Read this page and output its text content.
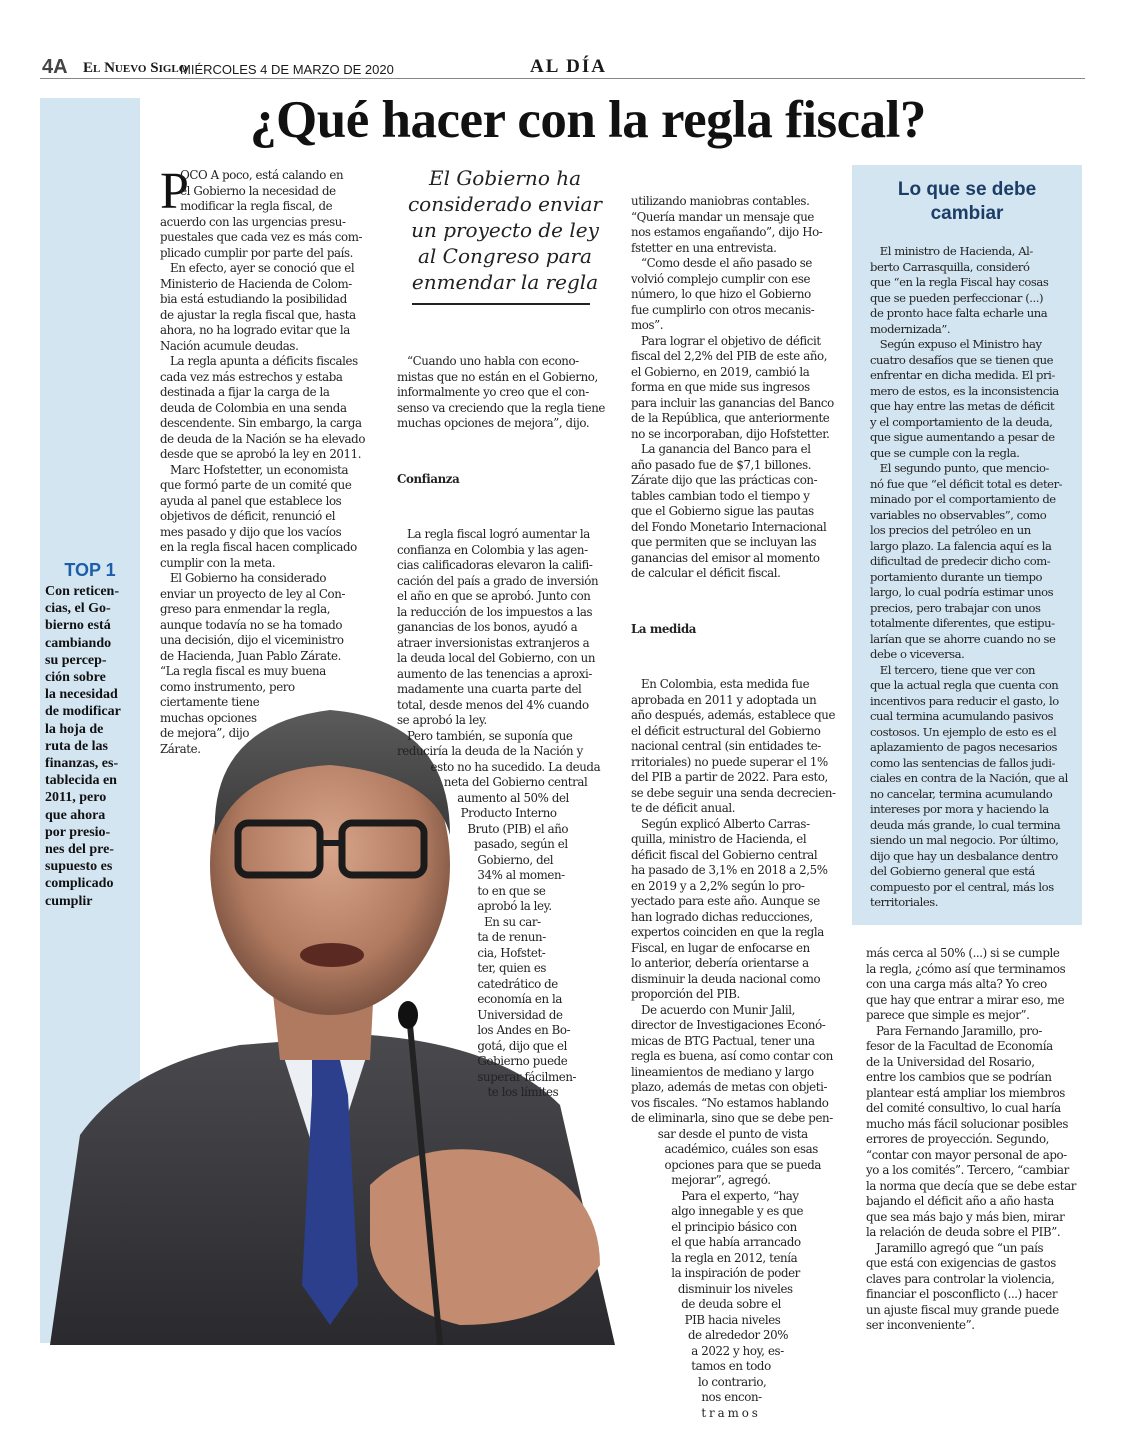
4A El Nuevo Siglo
MIÉRCOLES 4 DE MARZO DE 2020	AL DÍA
TOP 1
Con reticen-
cias, el Go-
bierno está
cambiando
su percep-
ción sobre
la necesidad
de modificar
la hoja de
ruta de las
finanzas, es-
tablecida en
2011, pero
que ahora
por presio-
nes del pre-
supuesto es
complicado
cumplir
¿Qué hacer con la regla fiscal?
P
OCO A poco, está calando en
el Gobierno la necesidad de
modificar la regla fiscal, de
acuerdo con las urgencias presu-
puestales que cada vez es más com-
plicado cumplir por parte del país.
En efecto, ayer se conoció que el
Ministerio de Hacienda de Colom-
bia está estudiando la posibilidad
de ajustar la regla fiscal que, hasta
ahora, no ha logrado evitar que la
Nación acumule deudas.
La regla apunta a déficits fiscales
cada vez más estrechos y estaba
destinada a fijar la carga de la
deuda de Colombia en una senda
descendente. Sin embargo, la carga
de deuda de la Nación se ha elevado
desde que se aprobó la ley en 2011.
Marc Hofstetter, un economista
que formó parte de un comité que
ayuda al panel que establece los
objetivos de déficit, renunció el
mes pasado y dijo que los vacíos
en la regla fiscal hacen complicado
cumplir con la meta.
El Gobierno ha considerado
enviar un proyecto de ley al Con-
greso para enmendar la regla,
aunque todavía no se ha tomado
una decisión, dijo el viceministro
de Hacienda, Juan Pablo Zárate.
“La regla fiscal es muy buena
como instrumento, pero
ciertamente tiene
muchas opciones
de mejora”, dijo
Zárate.
El Gobierno ha
considerado enviar
un proyecto de ley
al Congreso para
enmendar la regla

“Cuando uno habla con econo-
mistas que no están en el Gobierno,
informalmente yo creo que el con-
senso va creciendo que la regla tiene
muchas opciones de mejora”, dijo.

Confianza

La regla fiscal logró aumentar la
confianza en Colombia y las agen-
cias calificadoras elevaron la califi-
cación del país a grado de inversión
el año en que se aprobó. Junto con
la reducción de los impuestos a las
ganancias de los bonos, ayudó a
atraer inversionistas extranjeros a
la deuda local del Gobierno, con un
aumento de las tenencias a aproxi-
madamente una cuarta parte del
total, desde menos del 4% cuando
se aprobó la ley.
Pero también, se suponía que
reduciría la deuda de la Nación y
esto no ha sucedido. La deuda
neta del Gobierno central
aumento al 50% del
Producto Interno
Bruto (PIB) el año
pasado, según el
Gobierno, del
34% al momen-
to en que se
aprobó la ley.
En su car-
ta de renun-
cia, Hofstet-
ter, quien es
catedrático de
economía en la
Universidad de
los Andes en Bo-
gotá, dijo que el
Gobierno puede
superar fácilmen-
te los límites

utilizando maniobras contables.
“Quería mandar un mensaje que
nos estamos engañando”, dijo Ho-
fstetter en una entrevista.
“Como desde el año pasado se
volvió complejo cumplir con ese
número, lo que hizo el Gobierno
fue cumplirlo con otros mecanis-
mos”.
Para lograr el objetivo de déficit
fiscal del 2,2% del PIB de este año,
el Gobierno, en 2019, cambió la
forma en que mide sus ingresos
para incluir las ganancias del Banco
de la República, que anteriormente
no se incorporaban, dijo Hofstetter.
La ganancia del Banco para el
año pasado fue de $7,1 billones.
Zárate dijo que las prácticas con-
tables cambian todo el tiempo y
que el Gobierno sigue las pautas
del Fondo Monetario Internacional
que permiten que se incluyan las
ganancias del emisor al momento
de calcular el déficit fiscal.

La medida

En Colombia, esta medida fue
aprobada en 2011 y adoptada un
año después, además, establece que
el déficit estructural del Gobierno
nacional central (sin entidades te-
rritoriales) no puede superar el 1%
del PIB a partir de 2022. Para esto,
se debe seguir una senda decrecien-
te de déficit anual.
Según explicó Alberto Carras-
quilla, ministro de Hacienda, el
déficit fiscal del Gobierno central
ha pasado de 3,1% en 2018 a 2,5%
en 2019 y a 2,2% según lo pro-
yectado para este año. Aunque se
han logrado dichas reducciones,
expertos coinciden en que la regla
Fiscal, en lugar de enfocarse en
lo anterior, debería orientarse a
disminuir la deuda nacional como
proporción del PIB.
De acuerdo con Munir Jalil,
director de Investigaciones Econó-
micas de BTG Pactual, tener una
regla es buena, así como contar con
lineamientos de mediano y largo
plazo, además de metas con objeti-
vos fiscales. “No estamos hablando
de eliminarla, sino que se debe pen-
sar desde el punto de vista
académico, cuáles son esas
opciones para que se pueda
mejorar”, agregó.
Para el experto, “hay
algo innegable y es que
el principio básico con
el que había arrancado
la regla en 2012, tenía
la inspiración de poder
disminuir los niveles
de deuda sobre el
PIB hacia niveles
de alrededor 20%
a 2022 y hoy, es-
tamos en todo
lo contrario,
nos encon-
t r a m o s

Lo que se debe
cambiar
El ministro de Hacienda, Al-
berto Carrasquilla, consideró
que “en la regla Fiscal hay cosas
que se pueden perfeccionar (...)
de pronto hace falta echarle una
modernizada”.
Según expuso el Ministro hay
cuatro desafíos que se tienen que
enfrentar en dicha medida. El pri-
mero de estos, es la inconsistencia
que hay entre las metas de déficit
y el comportamiento de la deuda,
que sigue aumentando a pesar de
que se cumple con la regla.
El segundo punto, que mencio-
nó fue que “el déficit total es deter-
minado por el comportamiento de
variables no observables”, como
los precios del petróleo en un
largo plazo. La falencia aquí es la
dificultad de predecir dicho com-
portamiento durante un tiempo
largo, lo cual podría estimar unos
precios, pero trabajar con unos
totalmente diferentes, que estipu-
larían que se ahorre cuando no se
debe o viceversa.
El tercero, tiene que ver con
que la actual regla que cuenta con
incentivos para reducir el gasto, lo
cual termina acumulando pasivos
costosos. Un ejemplo de esto es el
aplazamiento de pagos necesarios
como las sentencias de fallos judi-
ciales en contra de la Nación, que al
no cancelar, termina acumulando
intereses por mora y haciendo la
deuda más grande, lo cual termina
siendo un mal negocio. Por último,
dijo que hay un desbalance dentro
del Gobierno general que está
compuesto por el central, más los
territoriales.
más cerca al 50% (...) si se cumple
la regla, ¿cómo así que terminamos
con una carga más alta? Yo creo
que hay que entrar a mirar eso, me
parece que simple es mejor”.
Para Fernando Jaramillo, pro-
fesor de la Facultad de Economía
de la Universidad del Rosario,
entre los cambios que se podrían
plantear está ampliar los miembros
del comité consultivo, lo cual haría
mucho más fácil solucionar posibles
errores de proyección. Segundo,
“contar con mayor personal de apo-
yo a los comités”. Tercero, “cambiar
la norma que decía que se debe estar
bajando el déficit año a año hasta
que sea más bajo y más bien, mirar
la relación de deuda sobre el PIB”.
Jaramillo agregó que “un país
que está con exigencias de gastos
claves para controlar la violencia,
financiar el posconflicto (...) hacer
un ajuste fiscal muy grande puede
ser inconveniente”.
